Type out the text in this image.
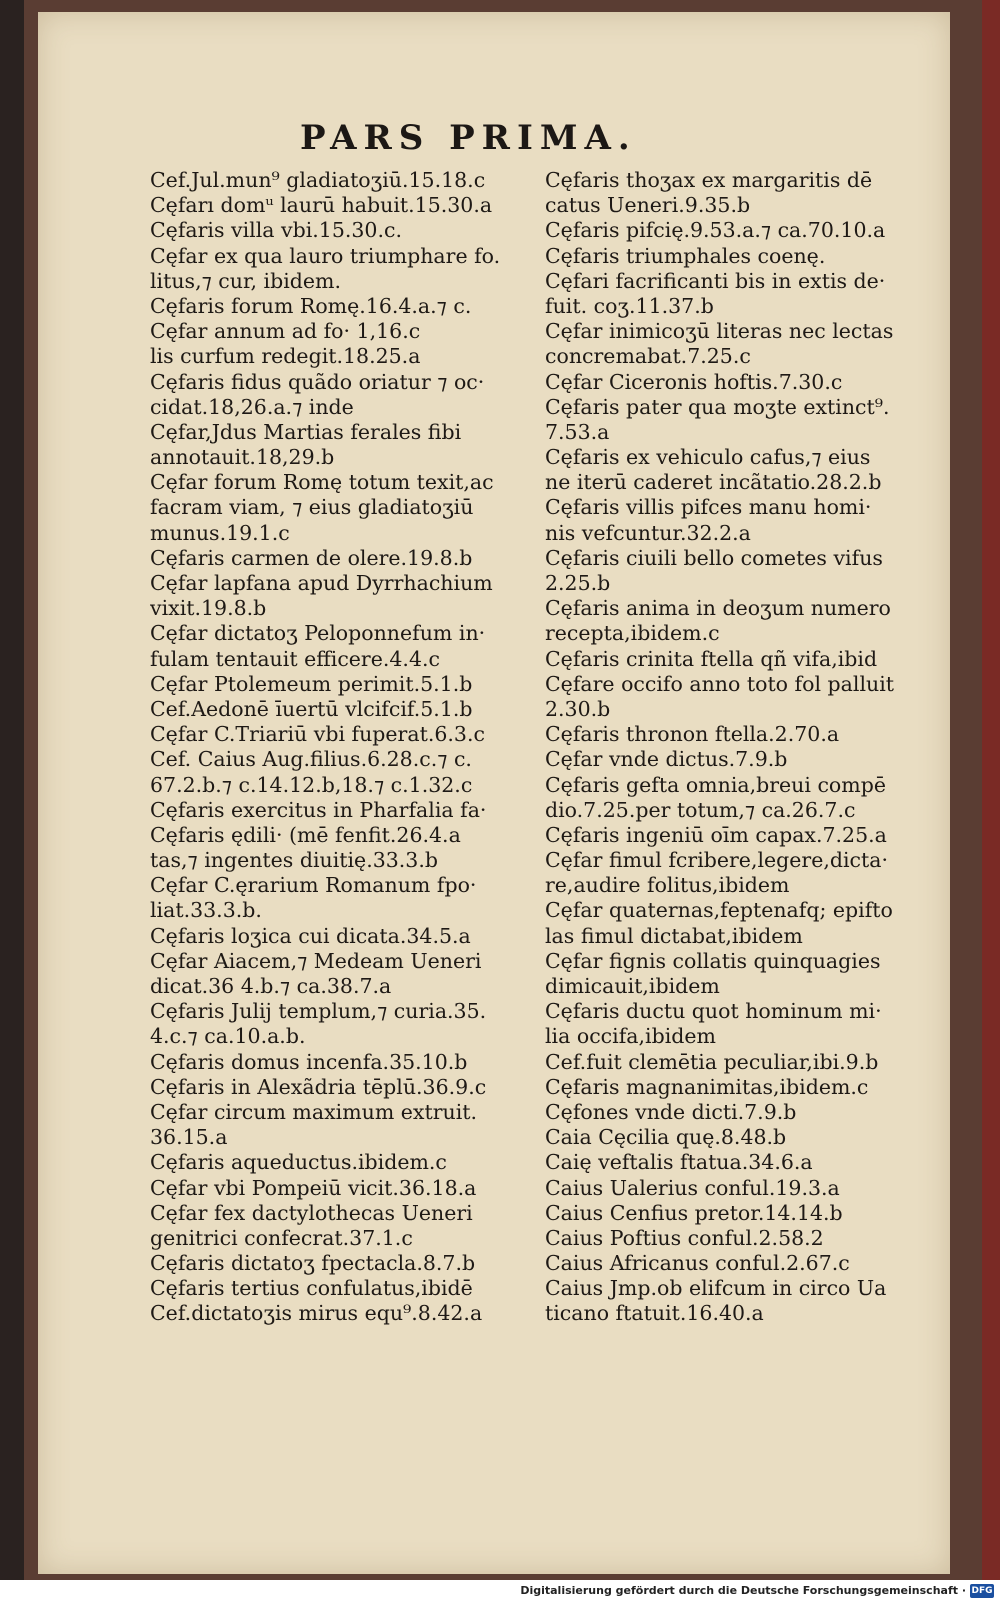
PARS PRIMA.
Cef.Jul.mun⁹ gladiatoʒiū.15.18.c
Cęfarı domᵘ laurū habuit.15.30.a
Cęfaris villa vbi.15.30.c.
Cęfar ex qua lauro triumphare fo.
litus,⁊ cur, ibidem.
Cęfaris forum Romę.16.4.a.⁊ c.
Cęfar annum ad fo· 1,16.c
lis curfum redegit.18.25.a
Cęfaris fidus quãdo oriatur ⁊ oc·
cidat.18,26.a.⁊ inde
Cęfar,Jdus Martias ferales fibi
annotauit.18,29.b
Cęfar forum Romę totum texit,ac
facram viam, ⁊ eius gladiatoʒiū
munus.19.1.c
Cęfaris carmen de olere.19.8.b
Cęfar lapfana apud Dyrrhachium
vixit.19.8.b
Cęfar dictatoʒ Peloponnefum in·
fulam tentauit efficere.4.4.c
Cęfar Ptolemeum perimit.5.1.b
Cef.Aedonē īuertū vlcifcif.5.1.b
Cęfar C.Triariū vbi fuperat.6.3.c
Cef. Caius Aug.filius.6.28.c.⁊ c.
67.2.b.⁊ c.14.12.b,18.⁊ c.1.32.c
Cęfaris exercitus in Pharfalia fa·
Cęfaris ędili· (mē fenfit.26.4.a
tas,⁊ ingentes diuitię.33.3.b
Cęfar C.ęrarium Romanum fpo·
liat.33.3.b.
Cęfaris loʒica cui dicata.34.5.a
Cęfar Aiacem,⁊ Medeam Ueneri
dicat.36 4.b.⁊ ca.38.7.a
Cęfaris Julij templum,⁊ curia.35.
4.c.⁊ ca.10.a.b.
Cęfaris domus incenfa.35.10.b
Cęfaris in Alexãdria tēplū.36.9.c
Cęfar circum maximum extruit.
36.15.a
Cęfaris aqueductus.ibidem.c
Cęfar vbi Pompeiū vicit.36.18.a
Cęfar fex dactylothecas Ueneri
genitrici confecrat.37.1.c
Cęfaris dictatoʒ fpectacla.8.7.b
Cęfaris tertius confulatus,ibidē
Cef.dictatoʒis mirus equ⁹.8.42.a
Cęfaris thoʒax ex margaritis dē
catus Ueneri.9.35.b
Cęfaris pifcię.9.53.a.⁊ ca.70.10.a
Cęfaris triumphales coenę.
Cęfari facrificanti bis in extis de·
fuit. coʒ.11.37.b
Cęfar inimicoʒū literas nec lectas
concremabat.7.25.c
Cęfar Ciceronis hoftis.7.30.c
Cęfaris pater qua moʒte extinct⁹.
7.53.a
Cęfaris ex vehiculo cafus,⁊ eius
ne iterū caderet incãtatio.28.2.b
Cęfaris villis pifces manu homi·
nis vefcuntur.32.2.a
Cęfaris ciuili bello cometes vifus
2.25.b
Cęfaris anima in deoʒum numero
recepta,ibidem.c
Cęfaris crinita ftella qñ vifa,ibid
Cęfare occifo anno toto fol palluit
2.30.b
Cęfaris thronon ftella.2.70.a
Cęfar vnde dictus.7.9.b
Cęfaris gefta omnia,breui compē
dio.7.25.per totum,⁊ ca.26.7.c
Cęfaris ingeniū oīm capax.7.25.a
Cęfar fimul fcribere,legere,dicta·
re,audire folitus,ibidem
Cęfar quaternas,feptenafq; epifto
las fimul dictabat,ibidem
Cęfar fignis collatis quinquagies
dimicauit,ibidem
Cęfaris ductu quot hominum mi·
lia occifa,ibidem
Cef.fuit clemētia peculiar,ibi.9.b
Cęfaris magnanimitas,ibidem.c
Cęfones vnde dicti.7.9.b
Caia Cęcilia quę.8.48.b
Caię veftalis ftatua.34.6.a
Caius Ualerius conful.19.3.a
Caius Cenfius pretor.14.14.b
Caius Poftius conful.2.58.2
Caius Africanus conful.2.67.c
Caius Jmp.ob elifcum in circo Ua
ticano ftatuit.16.40.a
Digitalisierung gefördert durch die Deutsche Forschungsgemeinschaft · DFG
